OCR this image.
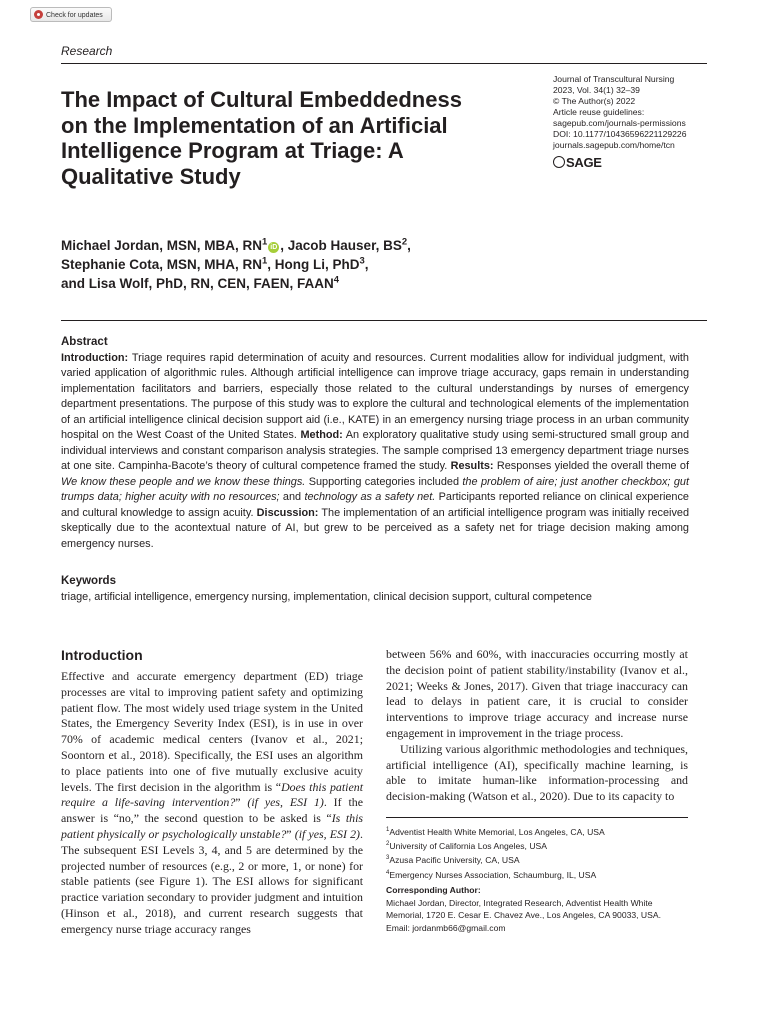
Check for updates
Research
The Impact of Cultural Embeddedness on the Implementation of an Artificial Intelligence Program at Triage: A Qualitative Study
Journal of Transcultural Nursing
2023, Vol. 34(1) 32–39
© The Author(s) 2022
Article reuse guidelines:
sagepub.com/journals-permissions
DOI: 10.1177/10436596221129226
journals.sagepub.com/home/tcn
SAGE
Michael Jordan, MSN, MBA, $RN^1$ iD , Jacob Hauser, $BS^2$,
Stephanie Cota, MSN, MHA, $RN^1$, Hong Li, PhD$^3$,
and Lisa Wolf, PhD, RN, CEN, FAEN, FAAN$^4$
Abstract
Introduction: Triage requires rapid determination of acuity and resources. Current modalities allow for individual judgment, with varied application of algorithmic rules. Although artificial intelligence can improve triage accuracy, gaps remain in understanding implementation facilitators and barriers, especially those related to the cultural understandings by nurses of emergency department presentations. The purpose of this study was to explore the cultural and technological elements of the implementation of an artificial intelligence clinical decision support aid (i.e., KATE) in an emergency nursing triage process in an urban community hospital on the West Coast of the United States. Method: An exploratory qualitative study using semi-structured small group and individual interviews and constant comparison analysis strategies. The sample comprised 13 emergency department triage nurses at one site. Campinha-Bacote’s theory of cultural competence framed the study. Results: Responses yielded the overall theme of We know these people and we know these things. Supporting categories included the problem of aire; just another checkbox; gut trumps data; higher acuity with no resources; and technology as a safety net. Participants reported reliance on clinical experience and cultural knowledge to assign acuity. Discussion: The implementation of an artificial intelligence program was initially received skeptically due to the acontextual nature of AI, but grew to be perceived as a safety net for triage decision making among emergency nurses.
Keywords
triage, artificial intelligence, emergency nursing, implementation, clinical decision support, cultural competence
Introduction
Effective and accurate emergency department (ED) triage processes are vital to improving patient safety and optimizing patient flow. The most widely used triage system in the United States, the Emergency Severity Index (ESI), is in use in over 70% of academic medical centers (Ivanov et al., 2021; Soontorn et al., 2018). Specifically, the ESI uses an algorithm to place patients into one of five mutually exclusive acuity levels. The first decision in the algorithm is “Does this patient require a life-saving intervention?” (if yes, ESI 1). If the answer is “no,” the second question to be asked is “Is this patient physically or psychologically unstable?” (if yes, ESI 2). The subsequent ESI Levels 3, 4, and 5 are determined by the projected number of resources (e.g., 2 or more, 1, or none) for stable patients (see Figure 1). The ESI allows for significant practice variation secondary to provider judgment and intuition (Hinson et al., 2018), and current research suggests that emergency nurse triage accuracy ranges
between 56% and 60%, with inaccuracies occurring mostly at the decision point of patient stability/instability (Ivanov et al., 2021; Weeks & Jones, 2017). Given that triage inaccuracy can lead to delays in patient care, it is crucial to consider interventions to improve triage accuracy and increase nurse engagement in improvement in the triage process.
Utilizing various algorithmic methodologies and techniques, artificial intelligence (AI), specifically machine learning, is able to imitate human-like information-processing and decision-making (Watson et al., 2020). Due to its capacity to
$^1$Adventist Health White Memorial, Los Angeles, CA, USA
$^2$University of California Los Angeles, USA
$^3$Azusa Pacific University, CA, USA
$^4$Emergency Nurses Association, Schaumburg, IL, USA
Corresponding Author:
Michael Jordan, Director, Integrated Research, Adventist Health White Memorial, 1720 E. Cesar E. Chavez Ave., Los Angeles, CA 90033, USA.
Email: jordanmb66@gmail.com
